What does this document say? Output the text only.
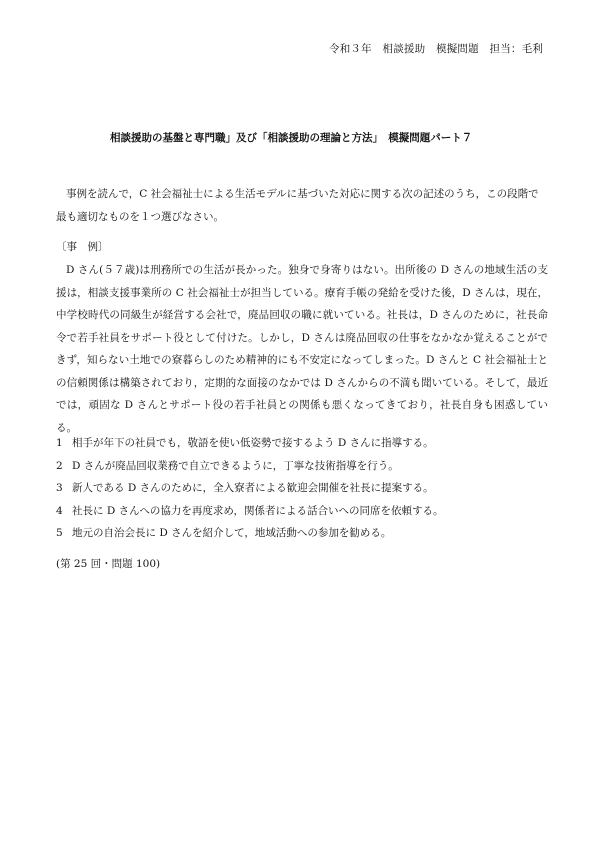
令和３年　相談援助　模擬問題　担当：毛利
相談援助の基盤と専門職」及び「相談援助の理論と方法」　模擬問題パート７
事例を読んで，C 社会福祉士による生活モデルに基づいた対応に関する次の記述のうち，この段階で最も適切なものを１つ選びなさい。
〔事　例〕
D さん(５７歳)は刑務所での生活が長かった。独身で身寄りはない。出所後の D さんの地域生活の支援は，相談支援事業所の C 社会福祉士が担当している。療育手帳の発給を受けた後，D さんは，現在，中学校時代の同級生が経営する会社で，廃品回収の職に就いている。社長は，D さんのために，社長命令で若手社員をサポート役として付けた。しかし，D さんは廃品回収の仕事をなかなか覚えることができず，知らない土地での寮暮らしのため精神的にも不安定になってしまった。D さんと C 社会福祉士との信頼関係は構築されており，定期的な面接のなかでは D さんからの不満も聞いている。そして，最近では，頑固な D さんとサポート役の若手社員との関係も悪くなってきており，社長自身も困惑している。
1 相手が年下の社員でも，敬語を使い低姿勢で接するよう D さんに指導する。
2 D さんが廃品回収業務で自立できるように，丁寧な技術指導を行う。
3 新人である D さんのために，全入寮者による歓迎会開催を社長に提案する。
4 社長に D さんへの協力を再度求め，関係者による話合いへの同席を依頼する。
5 地元の自治会長に D さんを紹介して，地域活動への参加を勧める。
(第 25 回・問題 100)
